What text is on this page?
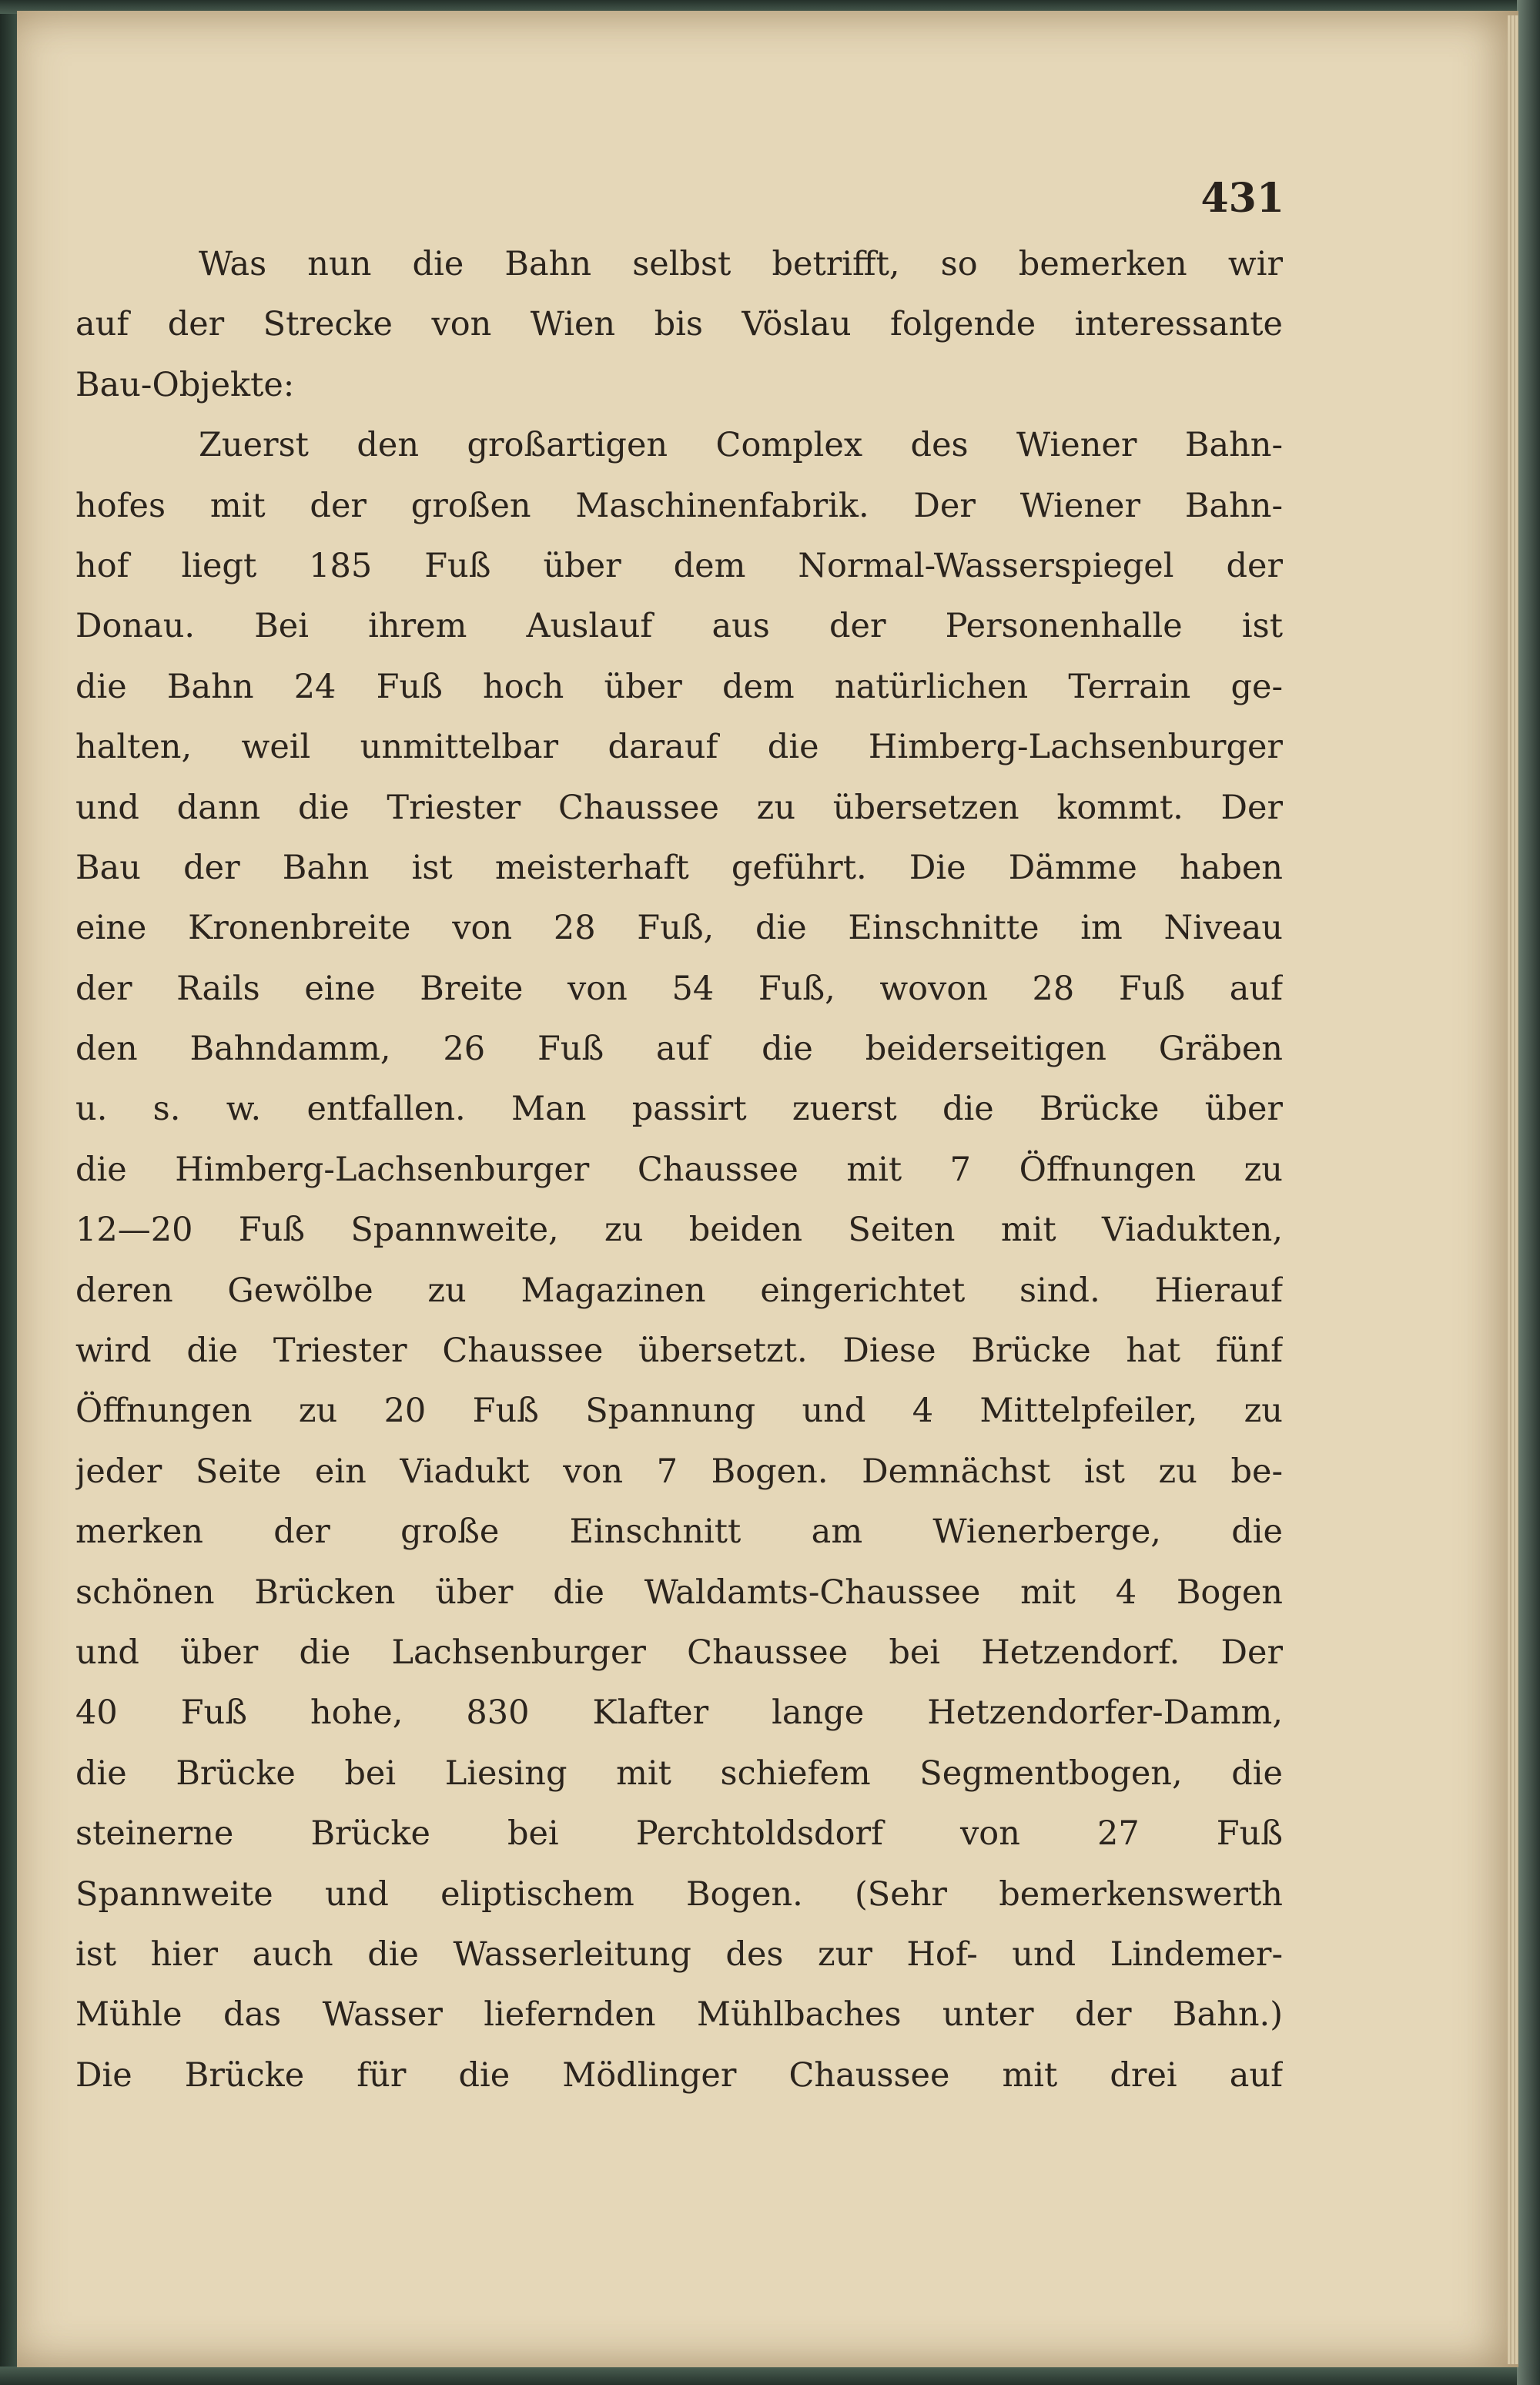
431
Was nun die Bahn selbst betrifft, so bemerken wir
auf der Strecke von Wien bis Vöslau folgende interessante
Bau-Objekte:
Zuerst den großartigen Complex des Wiener Bahn-
hofes mit der großen Maschinenfabrik. Der Wiener Bahn-
hof liegt 185 Fuß über dem Normal-Wasserspiegel der
Donau. Bei ihrem Auslauf aus der Personenhalle ist
die Bahn 24 Fuß hoch über dem natürlichen Terrain ge-
halten, weil unmittelbar darauf die Himberg-Lachsenburger
und dann die Triester Chaussee zu übersetzen kommt. Der
Bau der Bahn ist meisterhaft geführt. Die Dämme haben
eine Kronenbreite von 28 Fuß, die Einschnitte im Niveau
der Rails eine Breite von 54 Fuß, wovon 28 Fuß auf
den Bahndamm, 26 Fuß auf die beiderseitigen Gräben
u. s. w. entfallen. Man passirt zuerst die Brücke über
die Himberg-Lachsenburger Chaussee mit 7 Öffnungen zu
12—20 Fuß Spannweite, zu beiden Seiten mit Viadukten,
deren Gewölbe zu Magazinen eingerichtet sind. Hierauf
wird die Triester Chaussee übersetzt. Diese Brücke hat fünf
Öffnungen zu 20 Fuß Spannung und 4 Mittelpfeiler, zu
jeder Seite ein Viadukt von 7 Bogen. Demnächst ist zu be-
merken der große Einschnitt am Wienerberge, die
schönen Brücken über die Waldamts-Chaussee mit 4 Bogen
und über die Lachsenburger Chaussee bei Hetzendorf. Der
40 Fuß hohe, 830 Klafter lange Hetzendorfer-Damm,
die Brücke bei Liesing mit schiefem Segmentbogen, die
steinerne Brücke bei Perchtoldsdorf von 27 Fuß
Spannweite und eliptischem Bogen. (Sehr bemerkenswerth
ist hier auch die Wasserleitung des zur Hof- und Lindemer-
Mühle das Wasser liefernden Mühlbaches unter der Bahn.)
Die Brücke für die Mödlinger Chaussee mit drei auf
